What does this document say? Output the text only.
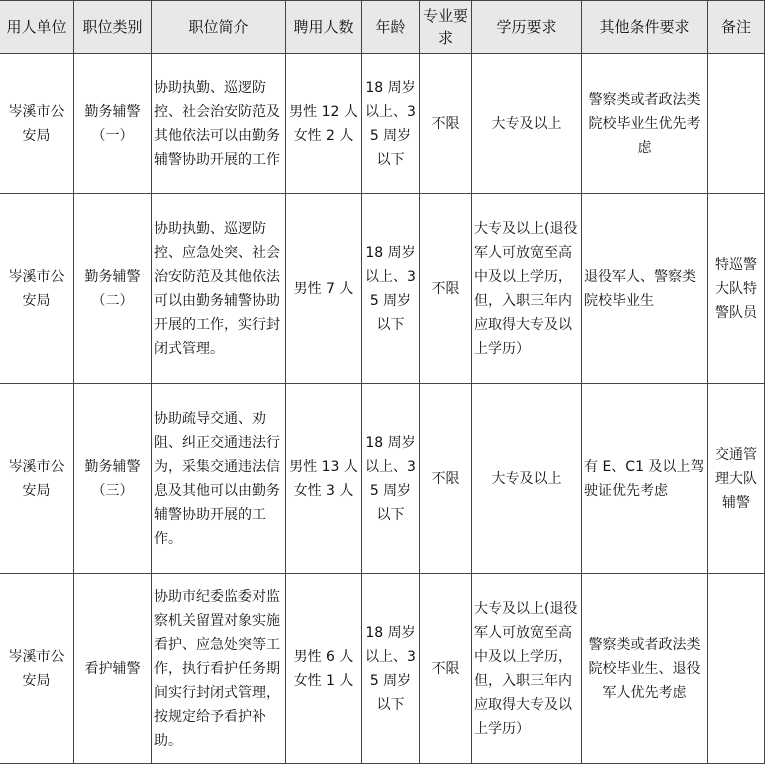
用人单位	职位类别	职位简介	聘用人数	年龄	专业要求	学历要求	其他条件要求	备注
岑溪市公安局	勤务辅警（一）	协助执勤、巡逻防控、社会治安防范及其他依法可以由勤务辅警协助开展的工作	男性 12 人 女性 2 人	18 周岁以上、35 周岁以下	不限	大专及以上	警察类或者政法类院校毕业生优先考虑	
岑溪市公安局	勤务辅警（二）	协助执勤、巡逻防控、应急处突、社会治安防范及其他依法可以由勤务辅警协助开展的工作，实行封闭式管理。	男性 7 人	18 周岁以上、35 周岁以下	不限	大专及以上(退役军人可放宽至高中及以上学历，但，入职三年内应取得大专及以上学历）	退役军人、警察类院校毕业生	特巡警大队特警队员
岑溪市公安局	勤务辅警（三）	协助疏导交通、劝阻、纠正交通违法行为，采集交通违法信息及其他可以由勤务辅警协助开展的工作。	男性 13 人 女性 3 人	18 周岁以上、35 周岁以下	不限	大专及以上	有 E、C1 及以上驾驶证优先考虑	交通管理大队辅警
岑溪市公安局	看护辅警	协助市纪委监委对监察机关留置对象实施看护、应急处突等工作，执行看护任务期间实行封闭式管理，按规定给予看护补助。	男性 6 人 女性 1 人	18 周岁以上、35 周岁以下	不限	大专及以上(退役军人可放宽至高中及以上学历，但，入职三年内应取得大专及以上学历）	警察类或者政法类院校毕业生、退役军人优先考虑	
